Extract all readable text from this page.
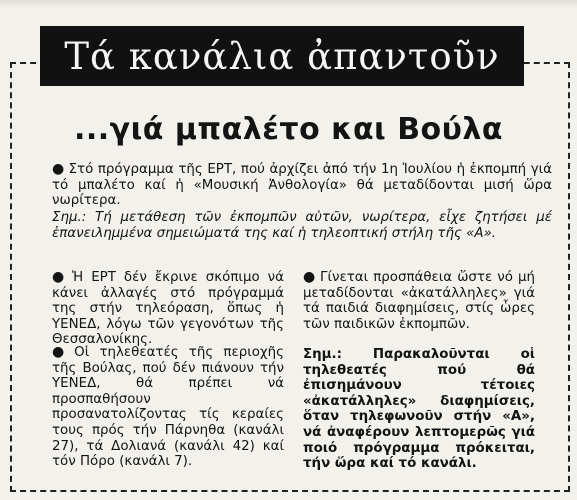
Τά κανάλια ἀπαντοῦν
...γιά μπαλέτο και Βούλα
● Στό πρόγραμμα τῆς ΕΡΤ, πού ἀρχίζει ἀπό τήν 1η Ἰουλίου ἡ ἐκπομπή γιά τό μπαλέτο καί ἡ «Μουσική Ἀνθολογία» θά μεταδίδονται μισή ὥρα νωρίτερα.
Σημ.: Τή μετάθεση τῶν ἐκπομπῶν αὐτῶν, νωρίτερα, εἶχε ζητήσει μέ ἐπανειλημμένα σημειώματά της καί ἡ τηλεοπτική στήλη τῆς «Α».
● Ἡ ΕΡΤ δέν ἔκρινε σκόπιμο νά κάνει ἀλλαγές στό πρόγραμμά της στήν τηλεόραση, ὅπως ἡ ΥΕΝΕΔ, λόγω τῶν γεγονότων τῆς Θεσσαλονίκης.
● Οἱ τηλεθεατές τῆς περιοχῆς τῆς Βούλας, πού δέν πιάνουν τήν ΥΕΝΕΔ, θά πρέπει νά προσπαθήσουν προσανατολίζοντας τίς κεραίες τους πρός τήν Πάρνηθα (κανάλι 27), τά Δολιανά (κανάλι 42) καί τόν Πόρο (κανάλι 7).
● Γίνεται προσπάθεια ὥστε νό μή μεταδίδονται «ἀκατάλληλες» γιά τά παιδιά διαφημίσεις, στίς ὧρες τῶν παιδικῶν ἐκπομπῶν.
Σημ.: Παρακαλοῦνται οἱ τηλεθεατές πού θά ἐπισημάνουν τέτοιες «ἀκατάλληλες» διαφημίσεις, ὅταν τηλεφωνοῦν στήν «Α», νά ἀναφέρουν λεπτομερῶς γιά ποιό πρόγραμμα πρόκειται, τήν ὥρα καί τό κανάλι.
